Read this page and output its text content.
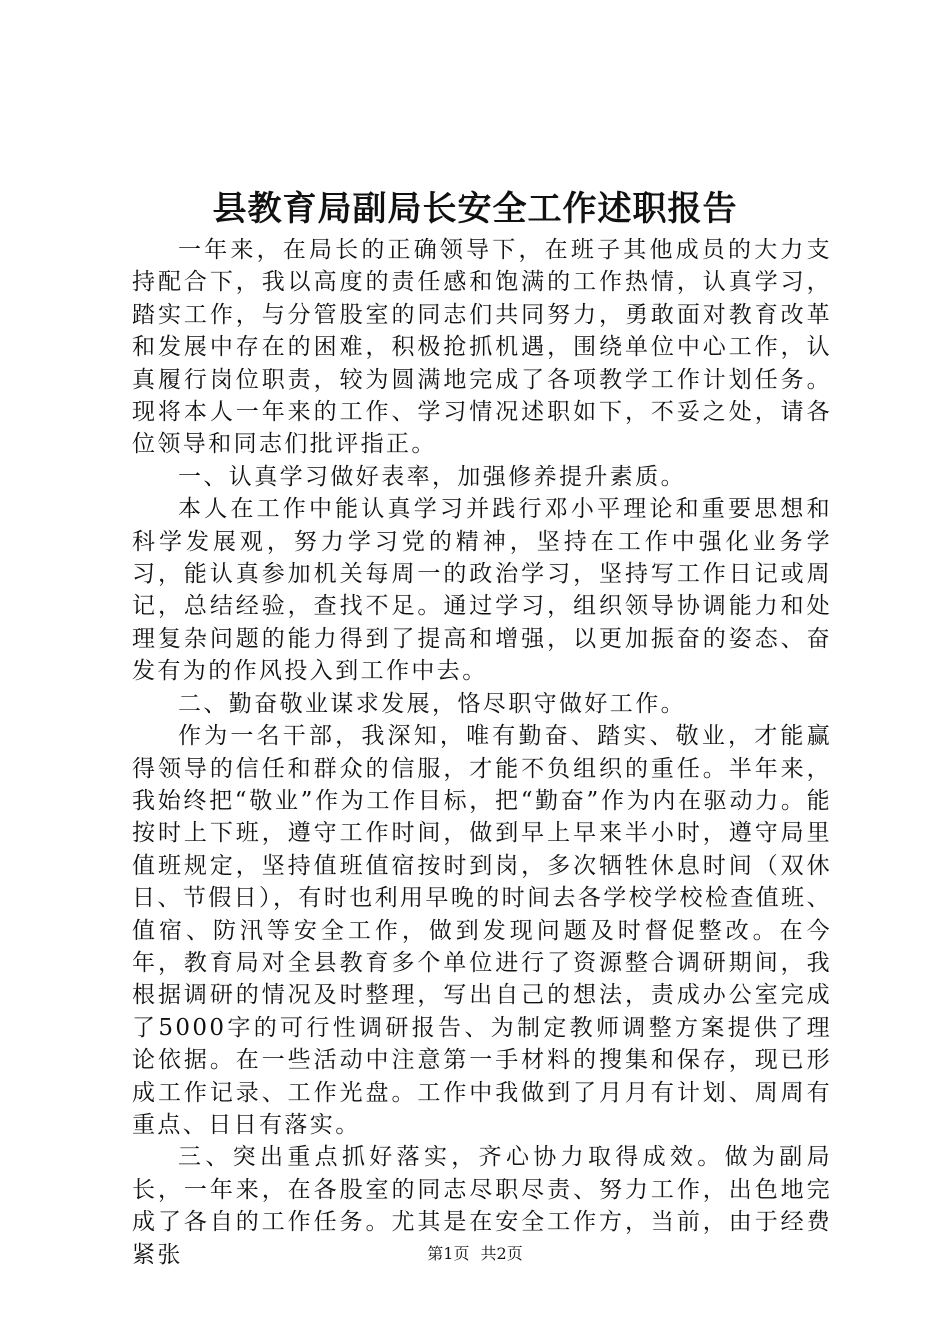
县教育局副局长安全工作述职报告

一年来，在局长的正确领导下，在班子其他成员的大力支持配合下，我以高度的责任感和饱满的工作热情，认真学习，踏实工作，与分管股室的同志们共同努力，勇敢面对教育改革和发展中存在的困难，积极抢抓机遇，围绕单位中心工作，认真履行岗位职责，较为圆满地完成了各项教学工作计划任务。现将本人一年来的工作、学习情况述职如下，不妥之处，请各位领导和同志们批评指正。

一、认真学习做好表率，加强修养提升素质。

本人在工作中能认真学习并践行邓小平理论和重要思想和科学发展观，努力学习党的精神，坚持在工作中强化业务学习，能认真参加机关每周一的政治学习，坚持写工作日记或周记，总结经验，查找不足。通过学习，组织领导协调能力和处理复杂问题的能力得到了提高和增强，以更加振奋的姿态、奋发有为的作风投入到工作中去。

二、勤奋敬业谋求发展，恪尽职守做好工作。

作为一名干部，我深知，唯有勤奋、踏实、敬业，才能赢得领导的信任和群众的信服，才能不负组织的重任。半年来，我始终把“敬业”作为工作目标，把“勤奋”作为内在驱动力。能按时上下班，遵守工作时间，做到早上早来半小时，遵守局里值班规定，坚持值班值宿按时到岗，多次牺牲休息时间（双休日、节假日），有时也利用早晚的时间去各学校学校检查值班、值宿、防汛等安全工作，做到发现问题及时督促整改。在今年，教育局对全县教育多个单位进行了资源整合调研期间，我根据调研的情况及时整理，写出自己的想法，责成办公室完成了5000字的可行性调研报告、为制定教师调整方案提供了理论依据。在一些活动中注意第一手材料的搜集和保存，现已形成工作记录、工作光盘。工作中我做到了月月有计划、周周有重点、日日有落实。

三、突出重点抓好落实，齐心协力取得成效。做为副局长，一年来，在各股室的同志尽职尽责、努力工作，出色地完成了各自的工作任务。尤其是在安全工作方，当前，由于经费紧张	第1页 共2页
